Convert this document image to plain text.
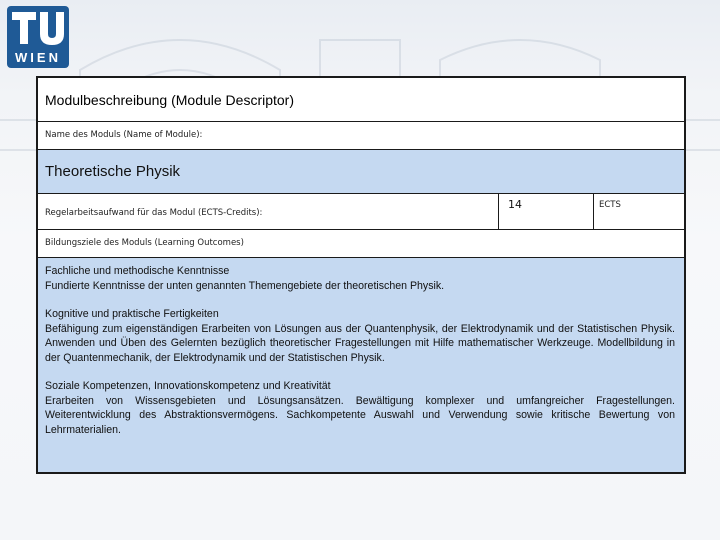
WIEN
Modulbeschreibung (Module Descriptor)
Name des Moduls (Name of Module):
Theoretische Physik
Regelarbeitsaufwand für das Modul (ECTS-Credits):
14	ECTS
Bildungsziele des Moduls (Learning Outcomes)
Fachliche und methodische Kenntnisse
Fundierte Kenntnisse der unten genannten Themengebiete der theoretischen Physik.
Kognitive und praktische Fertigkeiten
Befähigung zum eigenständigen Erarbeiten von Lösungen aus der Quantenphysik, der Elektrodynamik und der Statistischen Physik. Anwenden und Üben des Gelernten bezüglich theoretischer Fragestellungen mit Hilfe mathematischer Werkzeuge. Modellbildung in der Quantenmechanik, der Elektrodynamik und der Statistischen Physik.
Soziale Kompetenzen, Innovationskompetenz und Kreativität
Erarbeiten von Wissensgebieten und Lösungsansätzen. Bewältigung komplexer und umfangreicher Fragestellungen. Weiterentwicklung des Abstraktionsvermögens. Sachkompetente Auswahl und Verwendung sowie kritische Bewertung von Lehrmaterialien.
